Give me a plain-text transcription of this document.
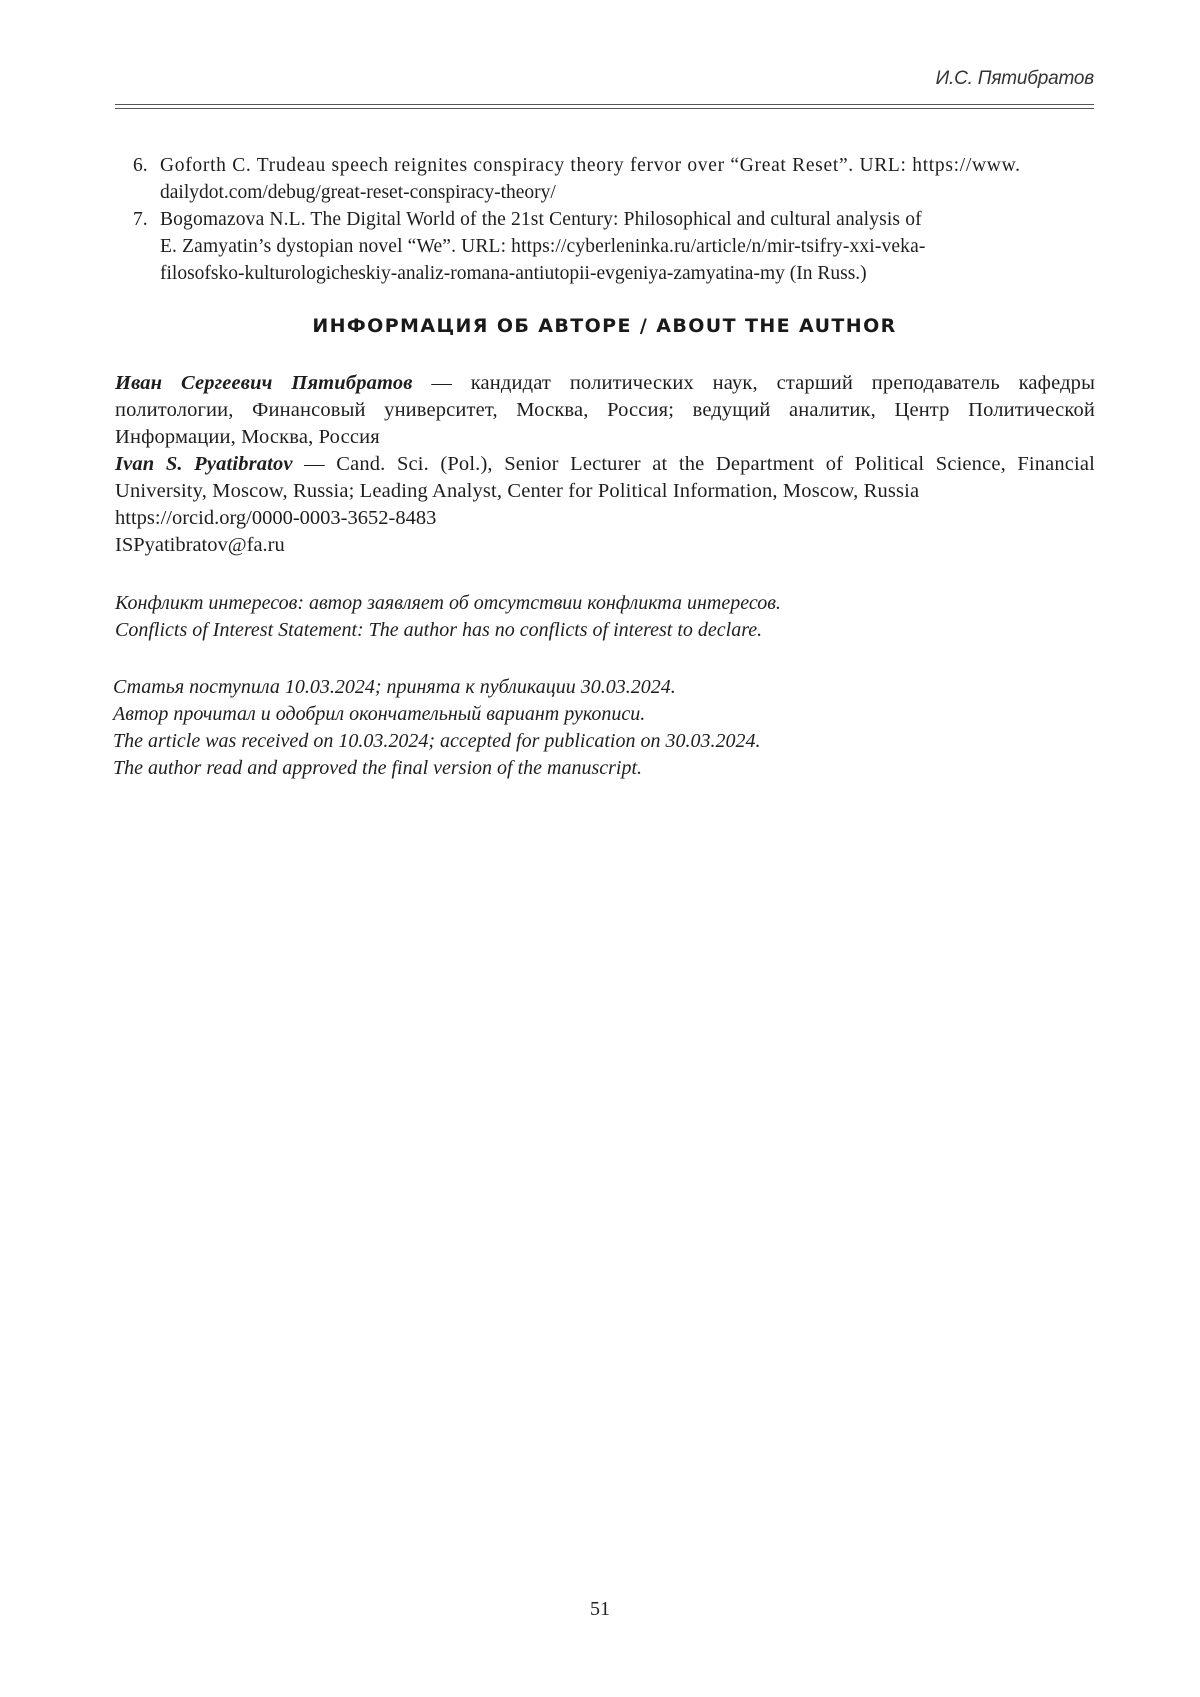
И.С. Пятибратов
6. Goforth C. Trudeau speech reignites conspiracy theory fervor over “Great Reset”. URL: https://www.
dailydot.com/debug/great-reset-conspiracy-theory/
7. Bogomazova N.L. The Digital World of the 21st Century: Philosophical and cultural analysis of
E. Zamyatin’s dystopian novel “We”. URL: https://cyberleninka.ru/article/n/mir-tsifry-xxi-veka-
filosofsko-kulturologicheskiy-analiz-romana-antiutopii-evgeniya-zamyatina-my (In Russ.)
ИНФОРМАЦИЯ ОБ АВТОРЕ / ABOUT THE AUTHOR

Иван Сергеевич Пятибратов — кандидат политических наук, старший преподаватель кафедры политологии, Финансовый университет, Москва, Россия; ведущий аналитик, Центр Политической Информации, Москва, Россия

Ivan S. Pyatibratov — Cand. Sci. (Pol.), Senior Lecturer at the Department of Political Science, Financial University, Moscow, Russia; Leading Analyst, Center for Political Information, Moscow, Russia

https://orcid.org/0000-0003-3652-8483
ISPyatibratov@fa.ru
Конфликт интересов: автор заявляет об отсутствии конфликта интересов.
Conflicts of Interest Statement: The author has no conflicts of interest to declare.
Статья поступила 10.03.2024; принята к публикации 30.03.2024.
Автор прочитал и одобрил окончательный вариант рукописи.
The article was received on 10.03.2024; accepted for publication on 30.03.2024.
The author read and approved the final version of the manuscript.
51
